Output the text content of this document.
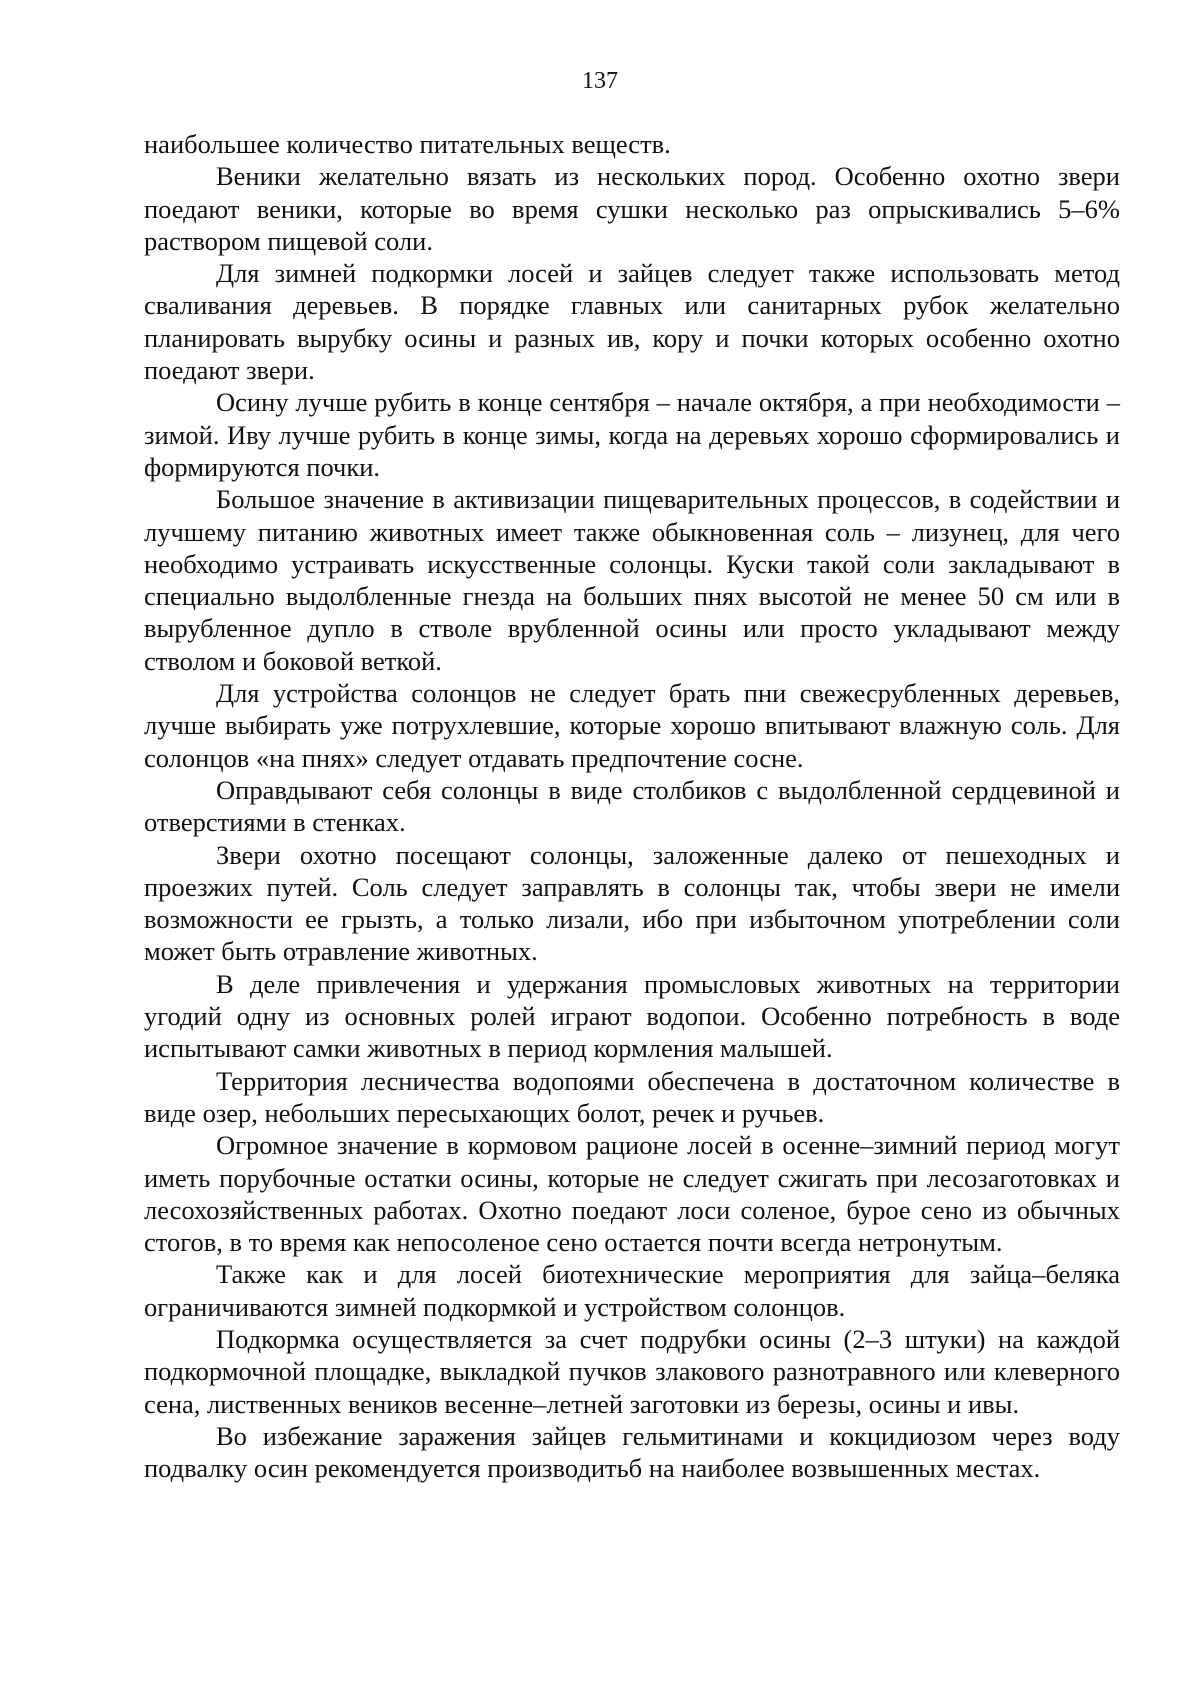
137

наибольшее количество питательных веществ.

Веники желательно вязать из нескольких пород. Особенно охотно звери поедают веники, которые во время сушки несколько раз опрыскивались 5–6% раствором пищевой соли.

Для зимней подкормки лосей и зайцев следует также использовать метод сваливания деревьев. В порядке главных или санитарных рубок желательно планировать вырубку осины и разных ив, кору и почки которых особенно охотно поедают звери.

Осину лучше рубить в конце сентября – начале октября, а при необходимости – зимой. Иву лучше рубить в конце зимы, когда на деревьях хорошо сформировались и формируются почки.

Большое значение в активизации пищеварительных процессов, в содействии и лучшему питанию животных имеет также обыкновенная соль – лизунец, для чего необходимо устраивать искусственные солонцы. Куски такой соли закладывают в специально выдолбленные гнезда на больших пнях высотой не менее 50 см или в вырубленное дупло в стволе врубленной осины или просто укладывают между стволом и боковой веткой.

Для устройства солонцов не следует брать пни свежесрубленных деревьев, лучше выбирать уже потрухлевшие, которые хорошо впитывают влажную соль. Для солонцов «на пнях» следует отдавать предпочтение сосне.

Оправдывают себя солонцы в виде столбиков с выдолбленной сердцевиной и отверстиями в стенках.

Звери охотно посещают солонцы, заложенные далеко от пешеходных и проезжих путей. Соль следует заправлять в солонцы так, чтобы звери не имели возможности ее грызть, а только лизали, ибо при избыточном употреблении соли может быть отравление животных.

В деле привлечения и удержания промысловых животных на территории угодий одну из основных ролей играют водопои. Особенно потребность в воде испытывают самки животных в период кормления малышей.

Территория лесничества водопоями обеспечена в достаточном количестве в виде озер, небольших пересыхающих болот, речек и ручьев.

Огромное значение в кормовом рационе лосей в осенне–зимний период могут иметь порубочные остатки осины, которые не следует сжигать при лесозаготовках и лесохозяйственных работах. Охотно поедают лоси соленое, бурое сено из обычных стогов, в то время как непосоленое сено остается почти всегда нетронутым.

Также как и для лосей биотехнические мероприятия для зайца–беляка ограничиваются зимней подкормкой и устройством солонцов.

Подкормка осуществляется за счет подрубки осины (2–3 штуки) на каждой подкормочной площадке, выкладкой пучков злакового разнотравного или клеверного сена, лиственных веников весенне–летней заготовки из березы, осины и ивы.

Во избежание заражения зайцев гельмитинами и кокцидиозом через воду подвалку осин рекомендуется производитьб на наиболее возвышенных местах.
